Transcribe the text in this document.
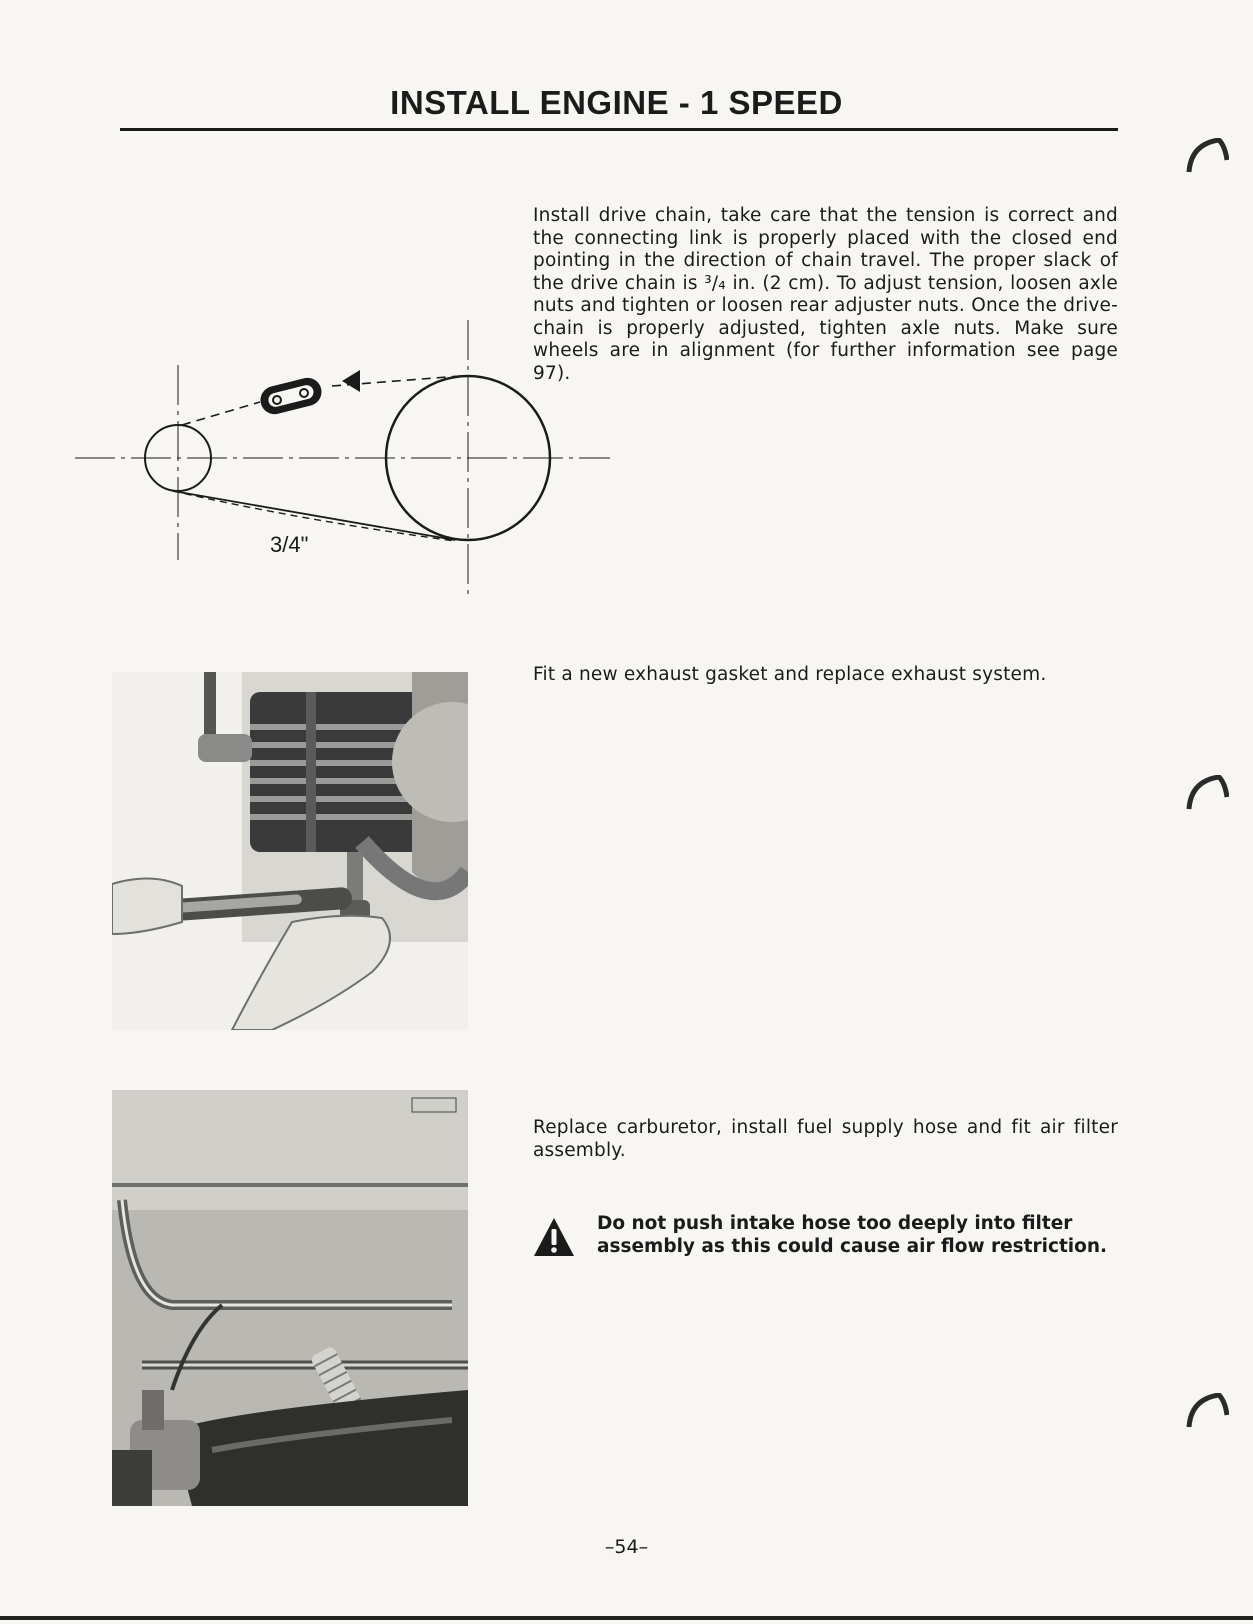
INSTALL ENGINE - 1 SPEED
3/4"
Install drive chain, take care that the tension is correct and the connecting link is properly placed with the closed end pointing in the direction of chain travel. The proper slack of the drive chain is ³/₄ in. (2 cm). To adjust tension, loosen axle nuts and tighten or loosen rear adjuster nuts. Once the drive-chain is properly adjusted, tighten axle nuts. Make sure wheels are in alignment (for further information see page 97).
Fit a new exhaust gasket and replace exhaust system.
Replace carburetor, install fuel supply hose and fit air filter assembly.
Do not push intake hose too deeply into filter assembly as this could cause air flow restriction.
–54–
